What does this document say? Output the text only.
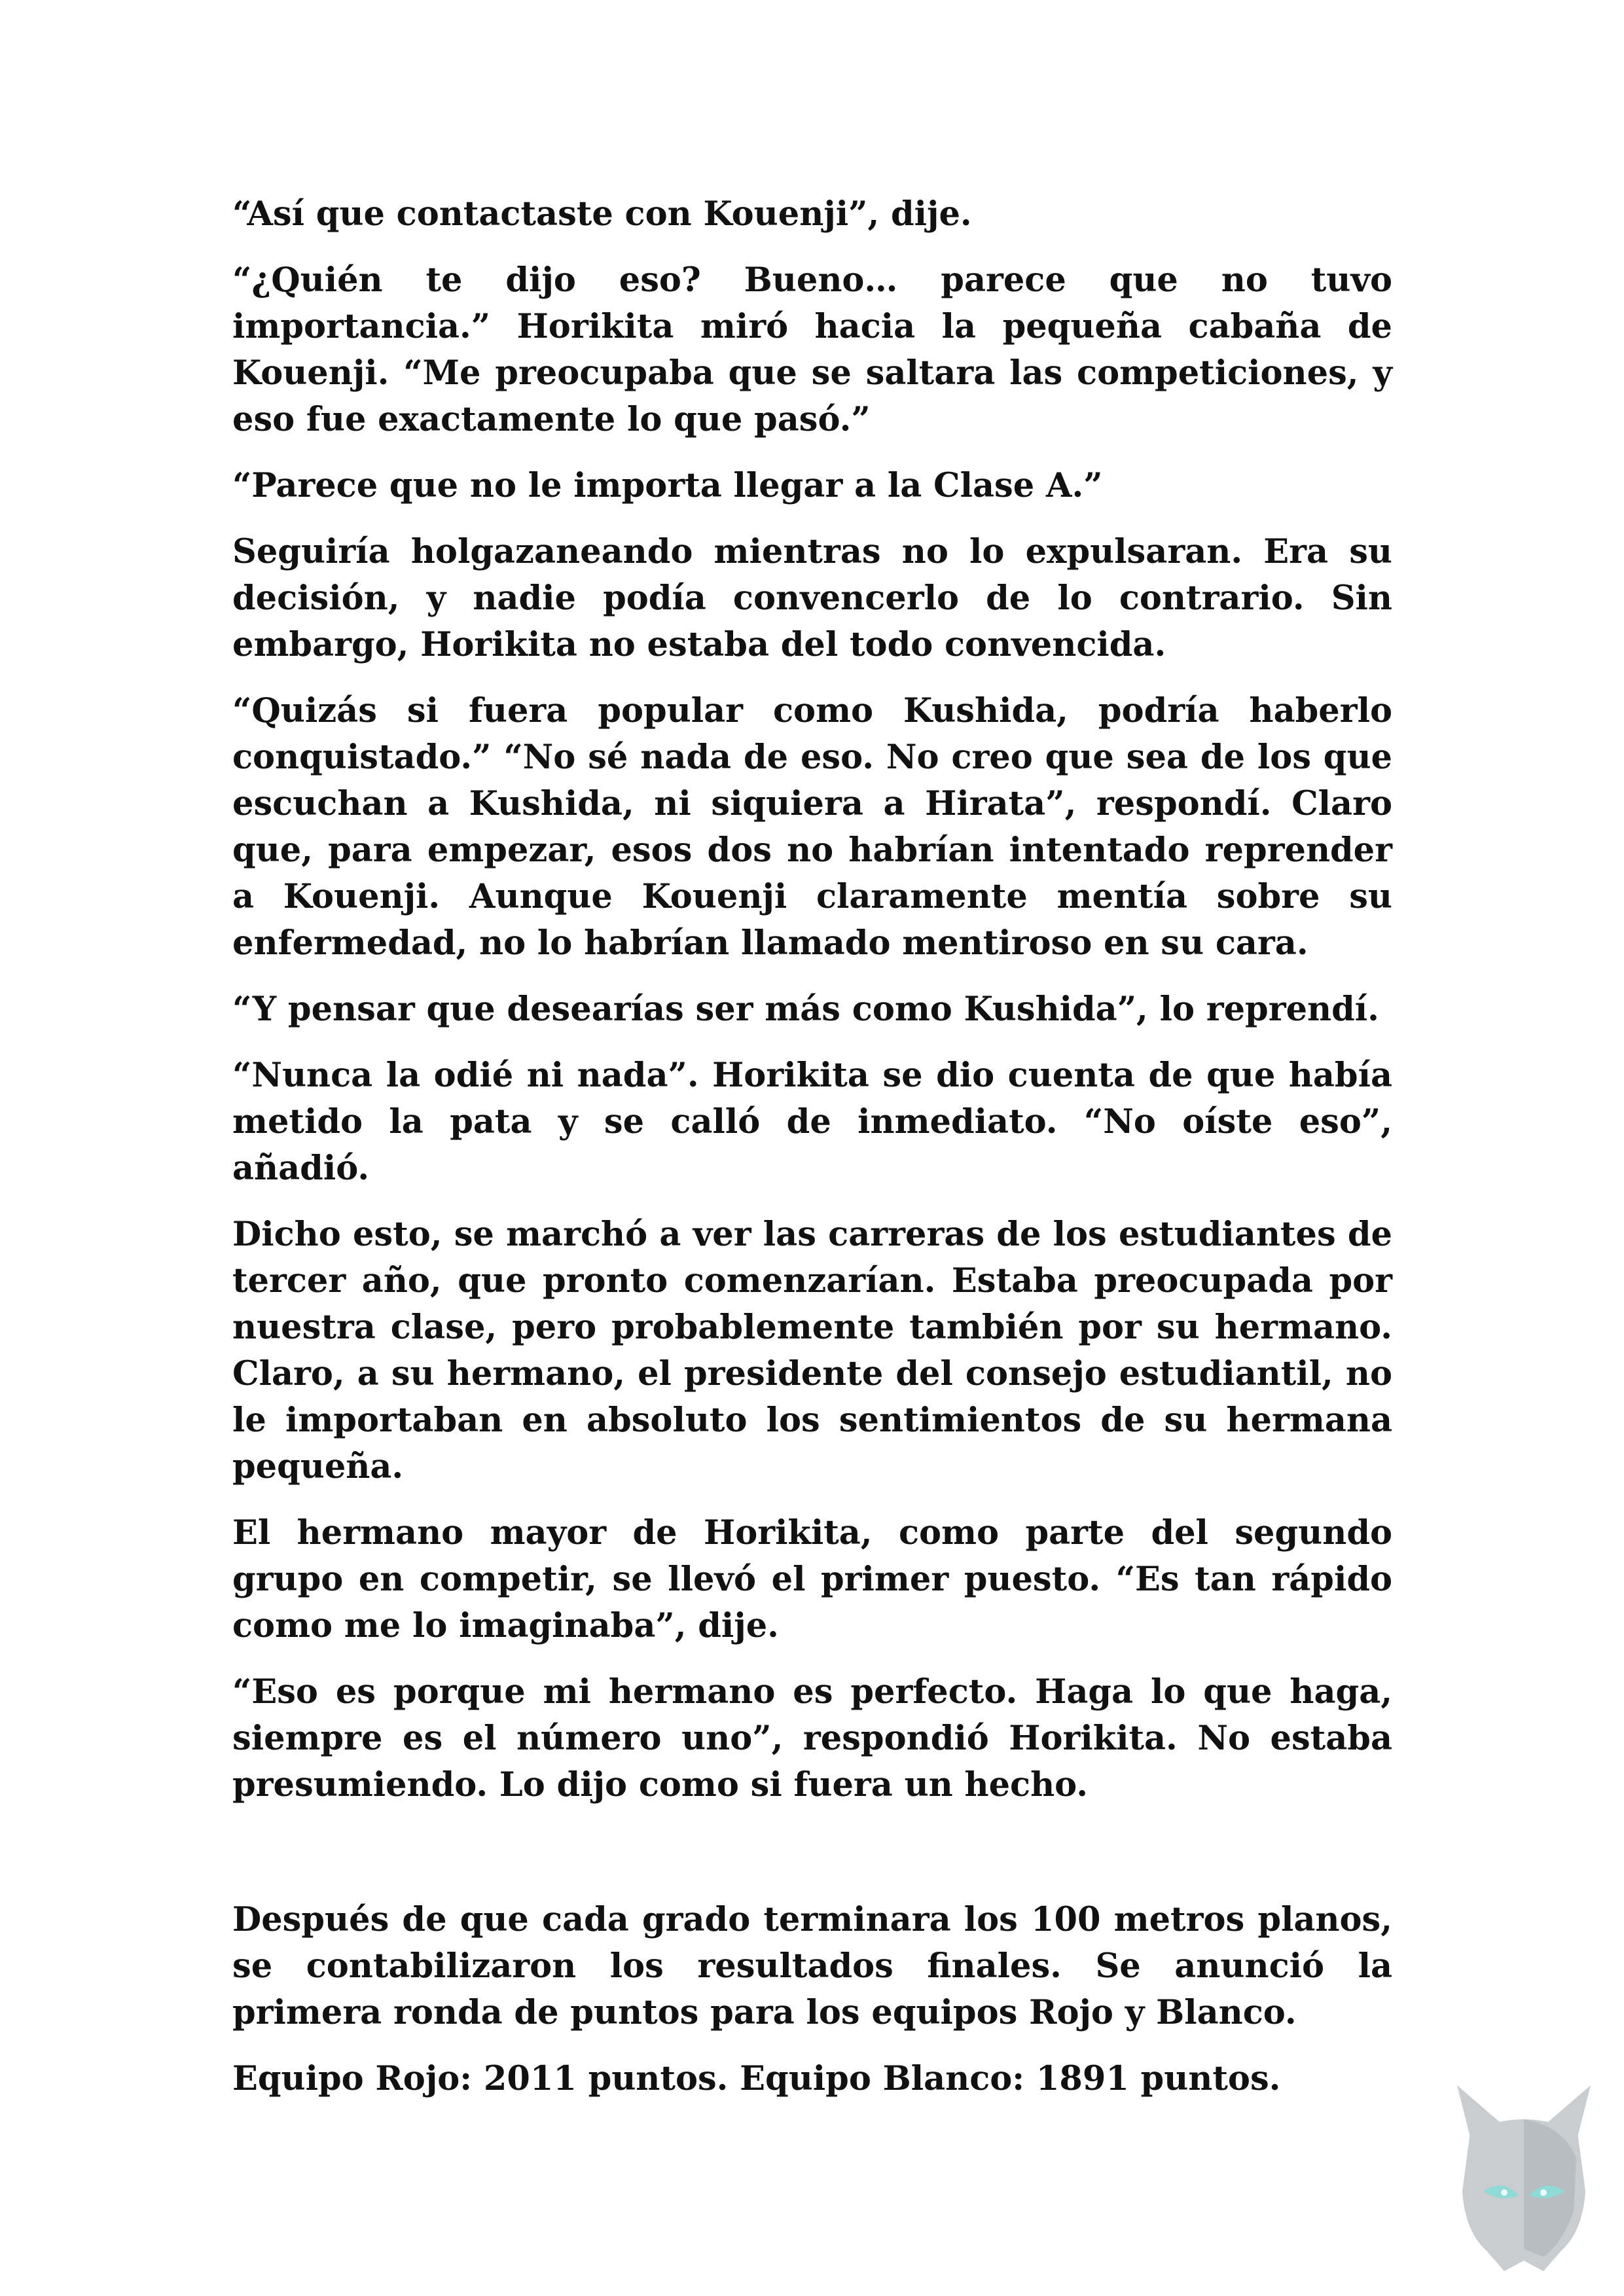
“Así que contactaste con Kouenji”, dije.

“¿Quién te dijo eso? Bueno… parece que no tuvo importancia.” Horikita miró hacia la pequeña cabaña de Kouenji. “Me preocupaba que se saltara las competiciones, y eso fue exactamente lo que pasó.”

“Parece que no le importa llegar a la Clase A.”

Seguiría holgazaneando mientras no lo expulsaran. Era su decisión, y nadie podía convencerlo de lo contrario. Sin embargo, Horikita no estaba del todo convencida.

“Quizás si fuera popular como Kushida, podría haberlo conquistado.” “No sé nada de eso. No creo que sea de los que escuchan a Kushida, ni siquiera a Hirata”, respondí. Claro que, para empezar, esos dos no habrían intentado reprender a Kouenji. Aunque Kouenji claramente mentía sobre su enfermedad, no lo habrían llamado mentiroso en su cara.

“Y pensar que desearías ser más como Kushida”, lo reprendí.

“Nunca la odié ni nada”. Horikita se dio cuenta de que había metido la pata y se calló de inmediato. “No oíste eso”, añadió.

Dicho esto, se marchó a ver las carreras de los estudiantes de tercer año, que pronto comenzarían. Estaba preocupada por nuestra clase, pero probablemente también por su hermano. Claro, a su hermano, el presidente del consejo estudiantil, no le importaban en absoluto los sentimientos de su hermana pequeña.

El hermano mayor de Horikita, como parte del segundo grupo en competir, se llevó el primer puesto. “Es tan rápido como me lo imaginaba”, dije.

“Eso es porque mi hermano es perfecto. Haga lo que haga, siempre es el número uno”, respondió Horikita. No estaba presumiendo. Lo dijo como si fuera un hecho.

Después de que cada grado terminara los 100 metros planos, se contabilizaron los resultados finales. Se anunció la primera ronda de puntos para los equipos Rojo y Blanco.

Equipo Rojo: 2011 puntos. Equipo Blanco: 1891 puntos.
